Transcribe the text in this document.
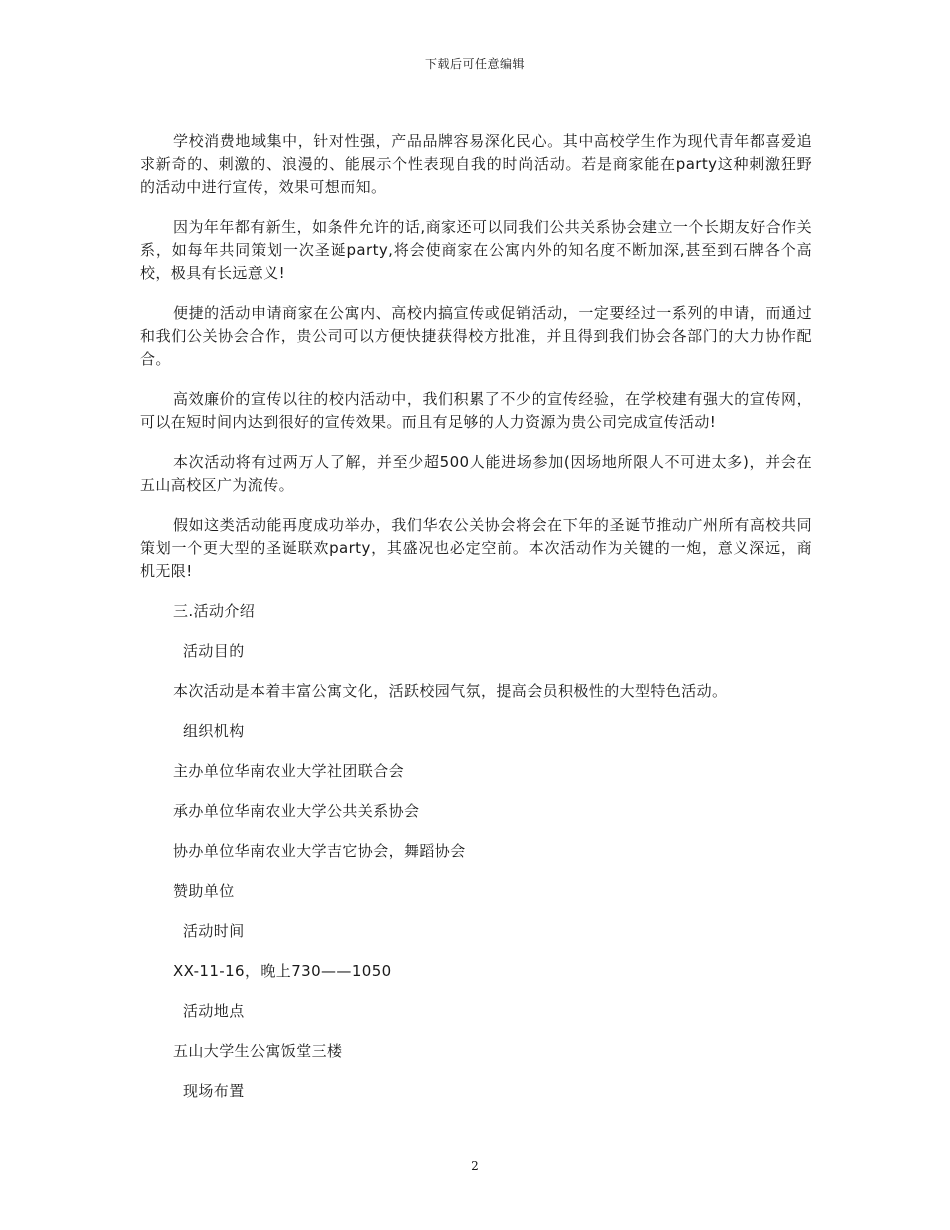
下载后可任意编辑

学校消费地域集中，针对性强，产品品牌容易深化民心。其中高校学生作为现代青年都喜爱追求新奇的、刺激的、浪漫的、能展示个性表现自我的时尚活动。若是商家能在party这种刺激狂野的活动中进行宣传，效果可想而知。

因为年年都有新生，如条件允许的话,商家还可以同我们公共关系协会建立一个长期友好合作关系，如每年共同策划一次圣诞party,将会使商家在公寓内外的知名度不断加深,甚至到石牌各个高校，极具有长远意义!

便捷的活动申请商家在公寓内、高校内搞宣传或促销活动，一定要经过一系列的申请，而通过和我们公关协会合作，贵公司可以方便快捷获得校方批准，并且得到我们协会各部门的大力协作配合。

高效廉价的宣传以往的校内活动中，我们积累了不少的宣传经验，在学校建有强大的宣传网，可以在短时间内达到很好的宣传效果。而且有足够的人力资源为贵公司完成宣传活动!

本次活动将有过两万人了解，并至少超500人能进场参加(因场地所限人不可进太多)，并会在五山高校区广为流传。

假如这类活动能再度成功举办，我们华农公关协会将会在下年的圣诞节推动广州所有高校共同策划一个更大型的圣诞联欢party，其盛况也必定空前。本次活动作为关键的一炮，意义深远，商机无限!

三.活动介绍

活动目的

本次活动是本着丰富公寓文化，活跃校园气氛，提高会员积极性的大型特色活动。

组织机构

主办单位华南农业大学社团联合会

承办单位华南农业大学公共关系协会

协办单位华南农业大学吉它协会，舞蹈协会

赞助单位

活动时间

XX-11-16，晚上730——1050

活动地点

五山大学生公寓饭堂三楼

现场布置

2
